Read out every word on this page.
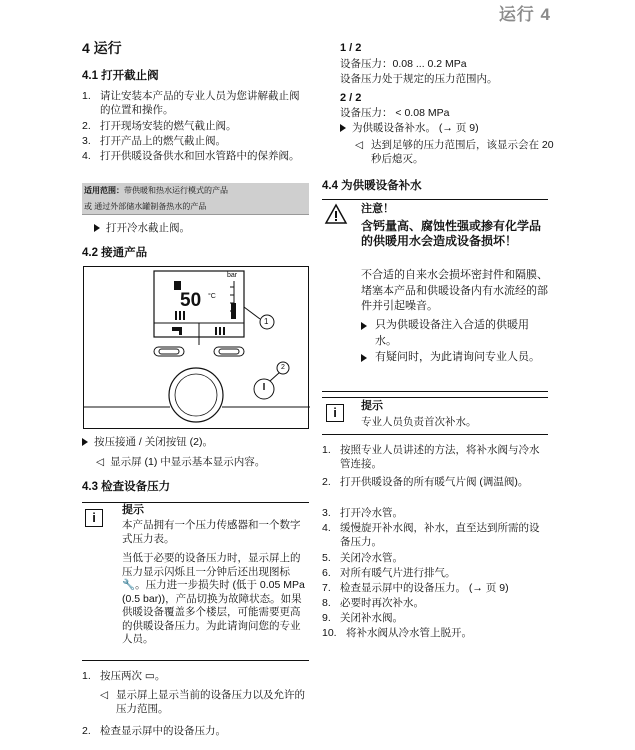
运行 4
4 运行
4.1 打开截止阀
1. 请让安装本产品的专业人员为您讲解截止阀的位置和操作。
2. 打开现场安装的燃气截止阀。
3. 打开产品上的燃气截止阀。
4. 打开供暖设备供水和回水管路中的保养阀。
适用范围：带供暖和热水运行模式的产品
或 通过外部储水罐制备热水的产品
打开冷水截止阀。
4.2 接通产品
50 °C
bar
1
2
按压接通 / 关闭按钮 (2)。
◁ 显示屏 (1) 中显示基本显示内容。
4.3 检查设备压力
i	提示
本产品拥有一个压力传感器和一个数字式压力表。
当低于必要的设备压力时，显示屏上的压力显示闪烁且一分钟后还出现图标 🔧。压力进一步损失时 (低于 0.05 MPa (0.5 bar))，产品切换为故障状态。如果供暖设备覆盖多个楼层，可能需要更高的供暖设备压力。为此请询问您的专业人员。
1. 按压两次 ▭。
◁ 显示屏上显示当前的设备压力以及允许的压力范围。
2. 检查显示屏中的设备压力。
1 / 2
设备压力：0.08 ... 0.2 MPa
设备压力处于规定的压力范围内。
2 / 2
设备压力： < 0.08 MPa
为供暖设备补水。 (→ 页 9)
◁ 达到足够的压力范围后，该显示会在 20 秒后熄灭。
4.4 为供暖设备补水
注意！
含钙量高、腐蚀性强或掺有化学品的供暖用水会造成设备损坏！
不合适的自来水会损坏密封件和隔膜、堵塞本产品和供暖设备内有水流经的部件并引起噪音。
只为供暖设备注入合适的供暖用水。
有疑问时，为此请询问专业人员。
i	提示
专业人员负责首次补水。
1. 按照专业人员讲述的方法，将补水阀与冷水管连接。
2. 打开供暖设备的所有暖气片阀 (调温阀)。
3. 打开冷水管。
4. 缓慢旋开补水阀，补水，直至达到所需的设备压力。
5. 关闭冷水管。
6. 对所有暖气片进行排气。
7. 检查显示屏中的设备压力。 (→ 页 9)
8. 必要时再次补水。
9. 关闭补水阀。
10. 将补水阀从冷水管上脱开。
